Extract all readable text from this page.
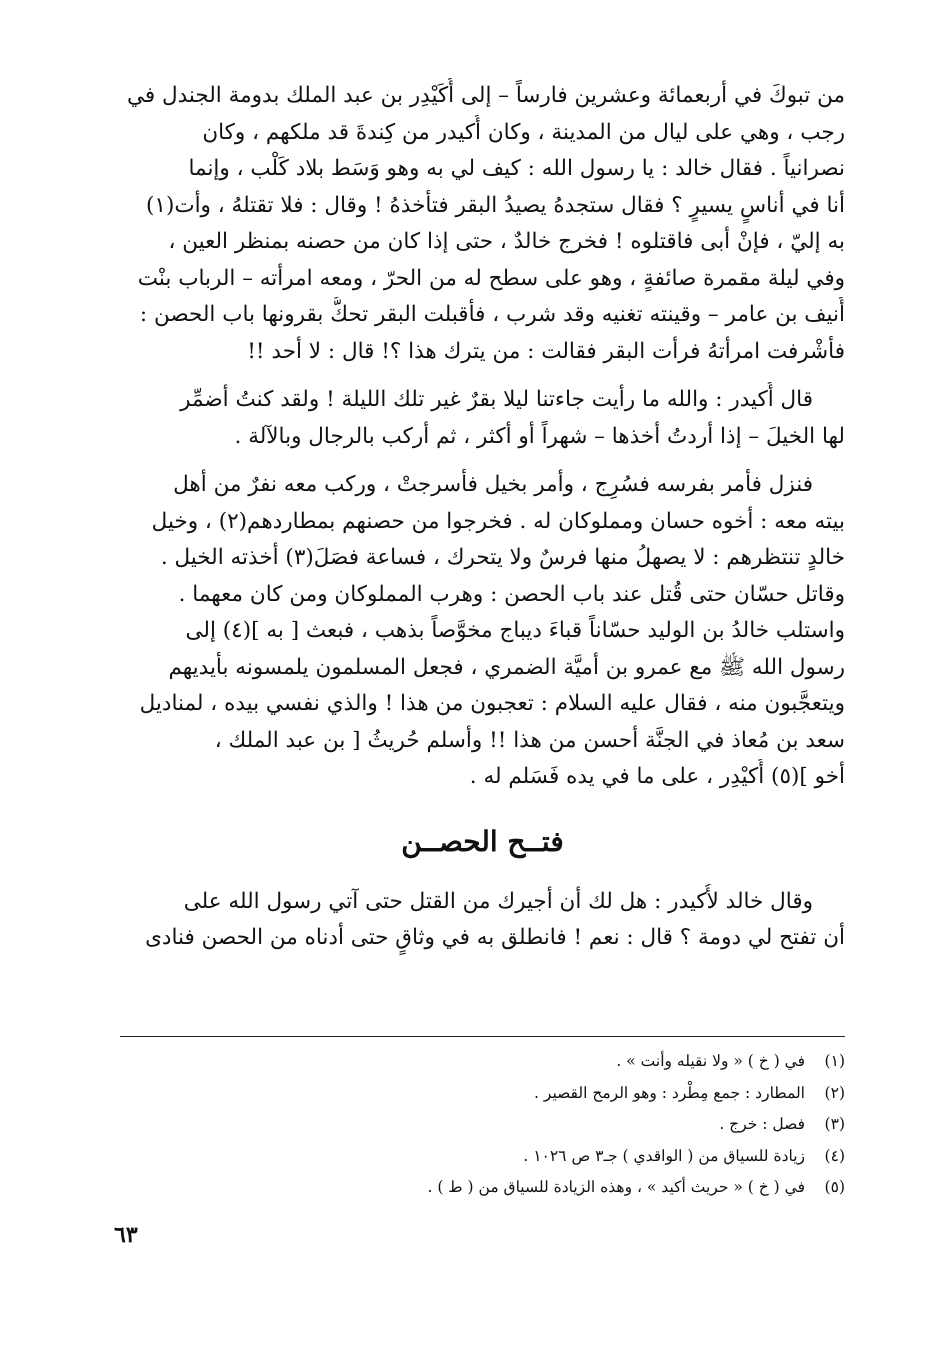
من تبوكَ في أربعمائة وعشرين فارساً – إلى أُكَيْدِر بن عبد الملك بدومة الجندل في

رجب ، وهي على ليال من المدينة ، وكان أُكيدر من كِندةَ قد ملكهم ، وكان

نصرانياً . فقال خالد : يا رسول الله : كيف لي به وهو وَسَط بلاد كَلْب ، وإنما

أنا في أناسٍ يسيرٍ ؟ فقال ستجدهُ يصيدُ البقر فتأخذهُ ! وقال : فلا تقتلهُ ، وأت(١)

به إليّ ، فإنْ أبى فاقتلوه ! فخرج خالدٌ ، حتى إذا كان من حصنه بمنظر العين ،

وفي ليلة مقمرة صائفةٍ ، وهو على سطح له من الحرّ ، ومعه امرأته – الرباب بنْت

أُنيف بن عامر – وقينته تغنيه وقد شرب ، فأقبلت البقر تحكُّ بقرونها باب الحصن :

فأشْرفت امرأتهُ فرأت البقر فقالت : من يترك هذا ؟! قال : لا أحد !!

قال أُكيدر : والله ما رأيت جاءتنا ليلا بقرٌ غير تلك الليلة ! ولقد كنتُ أضمِّر

لها الخيلَ – إذا أردتُ أخذها – شهراً أو أكثر ، ثم أركب بالرجال وبالآلة .

فنزل فأمر بفرسه فسُرِج ، وأمر بخيل فأسرجتْ ، وركب معه نفرٌ من أهل

بيته معه : أخوه حسان ومملوكان له . فخرجوا من حصنهم بمطاردهم(٢) ، وخيل

خالدٍ تنتظرهم : لا يصهلُ منها فرسٌ ولا يتحرك ، فساعة فصَلَ(٣) أخذته الخيل .

وقاتل حسّان حتى قُتل عند باب الحصن : وهرب المملوكان ومن كان معهما .

واستلب خالدُ بن الوليد حسّاناً قباءَ ديباج مخوَّصاً بذهب ، فبعث [ به ](٤) إلى

رسول الله ﷺ مع عمرو بن أميَّة الضمري ، فجعل المسلمون يلمسونه بأيديهم

ويتعجَّبون منه ، فقال عليه السلام : تعجبون من هذا ! والذي نفسي بيده ، لمناديل

سعد بن مُعاذ في الجنَّة أحسن من هذا !! وأسلم حُريثُ [ بن عبد الملك ،

أخو ](٥) أُكيْدِر ، على ما في يده فَسَلم له .

فتــح الحصــن

وقال خالد لأُكيدر : هل لك أن أجيرك من القتل حتى آتي رسول الله على

أن تفتح لي دومة ؟ قال : نعم ! فانطلق به في وثاقٍ حتى أدناه من الحصن فنادى

(١)
في ( خ ) « ولا نقيله وأنت » .
(٢)
المطارد : جمع مِطْرد : وهو الرمح القصير .
(٣)
فصل : خرج .
(٤)
زيادة للسياق من ( الواقدي ) جـ٣ ص ١٠٢٦ .
(٥)
في ( خ ) « حريث أكيد » ، وهذه الزيادة للسياق من ( ط ) .
٦٣
